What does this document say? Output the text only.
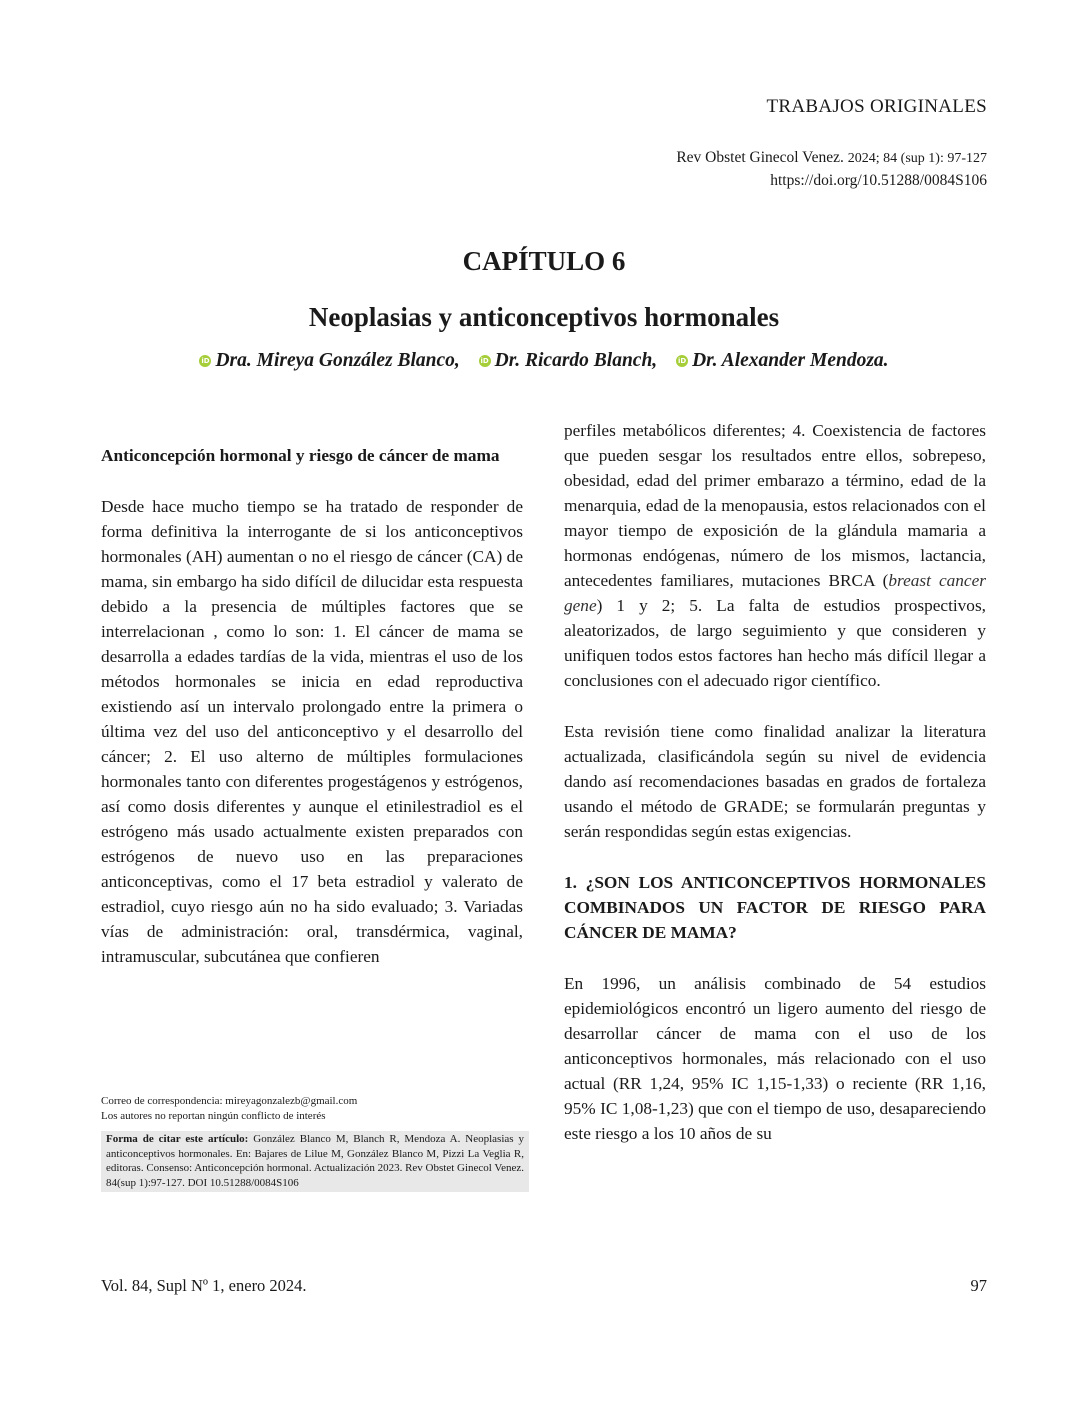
TRABAJOS ORIGINALES
Rev Obstet Ginecol Venez. 2024; 84 (sup 1): 97-127
https://doi.org/10.51288/0084S106
CAPÍTULO 6
Neoplasias y anticonceptivos hormonales
iD Dra. Mireya González Blanco,	iD Dr. Ricardo Blanch,	iD Dr. Alexander Mendoza.

Anticoncepción hormonal y riesgo de cáncer de mama

Desde hace mucho tiempo se ha tratado de responder de forma definitiva la interrogante de si los anticonceptivos hormonales (AH) aumentan o no el riesgo de cáncer (CA) de mama, sin embargo ha sido difícil de dilucidar esta respuesta debido a la presencia de múltiples factores que se interrelacionan , como lo son: 1. El cáncer de mama se desarrolla a edades tardías de la vida, mientras el uso de los métodos hormonales se inicia en edad reproductiva existiendo así un intervalo prolongado entre la primera o última vez del uso del anticonceptivo y el desarrollo del cáncer; 2. El uso alterno de múltiples formulaciones hormonales tanto con diferentes progestágenos y estrógenos, así como dosis diferentes y aunque el etinilestradiol es el estrógeno más usado actualmente existen preparados con estrógenos de nuevo uso en las preparaciones anticonceptivas, como el 17 beta estradiol y valerato de estradiol, cuyo riesgo aún no ha sido evaluado; 3. Variadas vías de administración: oral, transdérmica, vaginal, intramuscular, subcutánea que confieren

perfiles metabólicos diferentes; 4. Coexistencia de factores que pueden sesgar los resultados entre ellos, sobrepeso, obesidad, edad del primer embarazo a término, edad de la menarquia, edad de la menopausia, estos relacionados con el mayor tiempo de exposición de la glándula mamaria a hormonas endógenas, número de los mismos, lactancia, antecedentes familiares, mutaciones BRCA (breast cancer gene) 1 y 2; 5. La falta de estudios prospectivos, aleatorizados, de largo seguimiento y que consideren y unifiquen todos estos factores han hecho más difícil llegar a conclusiones con el adecuado rigor científico.

Esta revisión tiene como finalidad analizar la literatura actualizada, clasificándola según su nivel de evidencia dando así recomendaciones basadas en grados de fortaleza usando el método de GRADE; se formularán preguntas y serán respondidas según estas exigencias.

1. ¿SON LOS ANTICONCEPTIVOS HORMONALES COMBINADOS UN FACTOR DE RIESGO PARA CÁNCER DE MAMA?

En 1996, un análisis combinado de 54 estudios epidemiológicos encontró un ligero aumento del riesgo de desarrollar cáncer de mama con el uso de los anticonceptivos hormonales, más relacionado con el uso actual (RR 1,24, 95% IC 1,15-1,33) o reciente (RR 1,16, 95% IC 1,08-1,23) que con el tiempo de uso, desapareciendo este riesgo a los 10 años de su

Correo de correspondencia: mireyagonzalezb@gmail.com
Los autores no reportan ningún conflicto de interés
Forma de citar este artículo: González Blanco M, Blanch R, Mendoza A. Neoplasias y anticonceptivos hormonales. En: Bajares de Lilue M, González Blanco M, Pizzi La Veglia R, editoras. Consenso: Anticoncepción hormonal. Actualización 2023. Rev Obstet Ginecol Venez. 84(sup 1):97-127. DOI 10.51288/0084S106
Vol. 84, Supl Nº 1, enero 2024.	97
